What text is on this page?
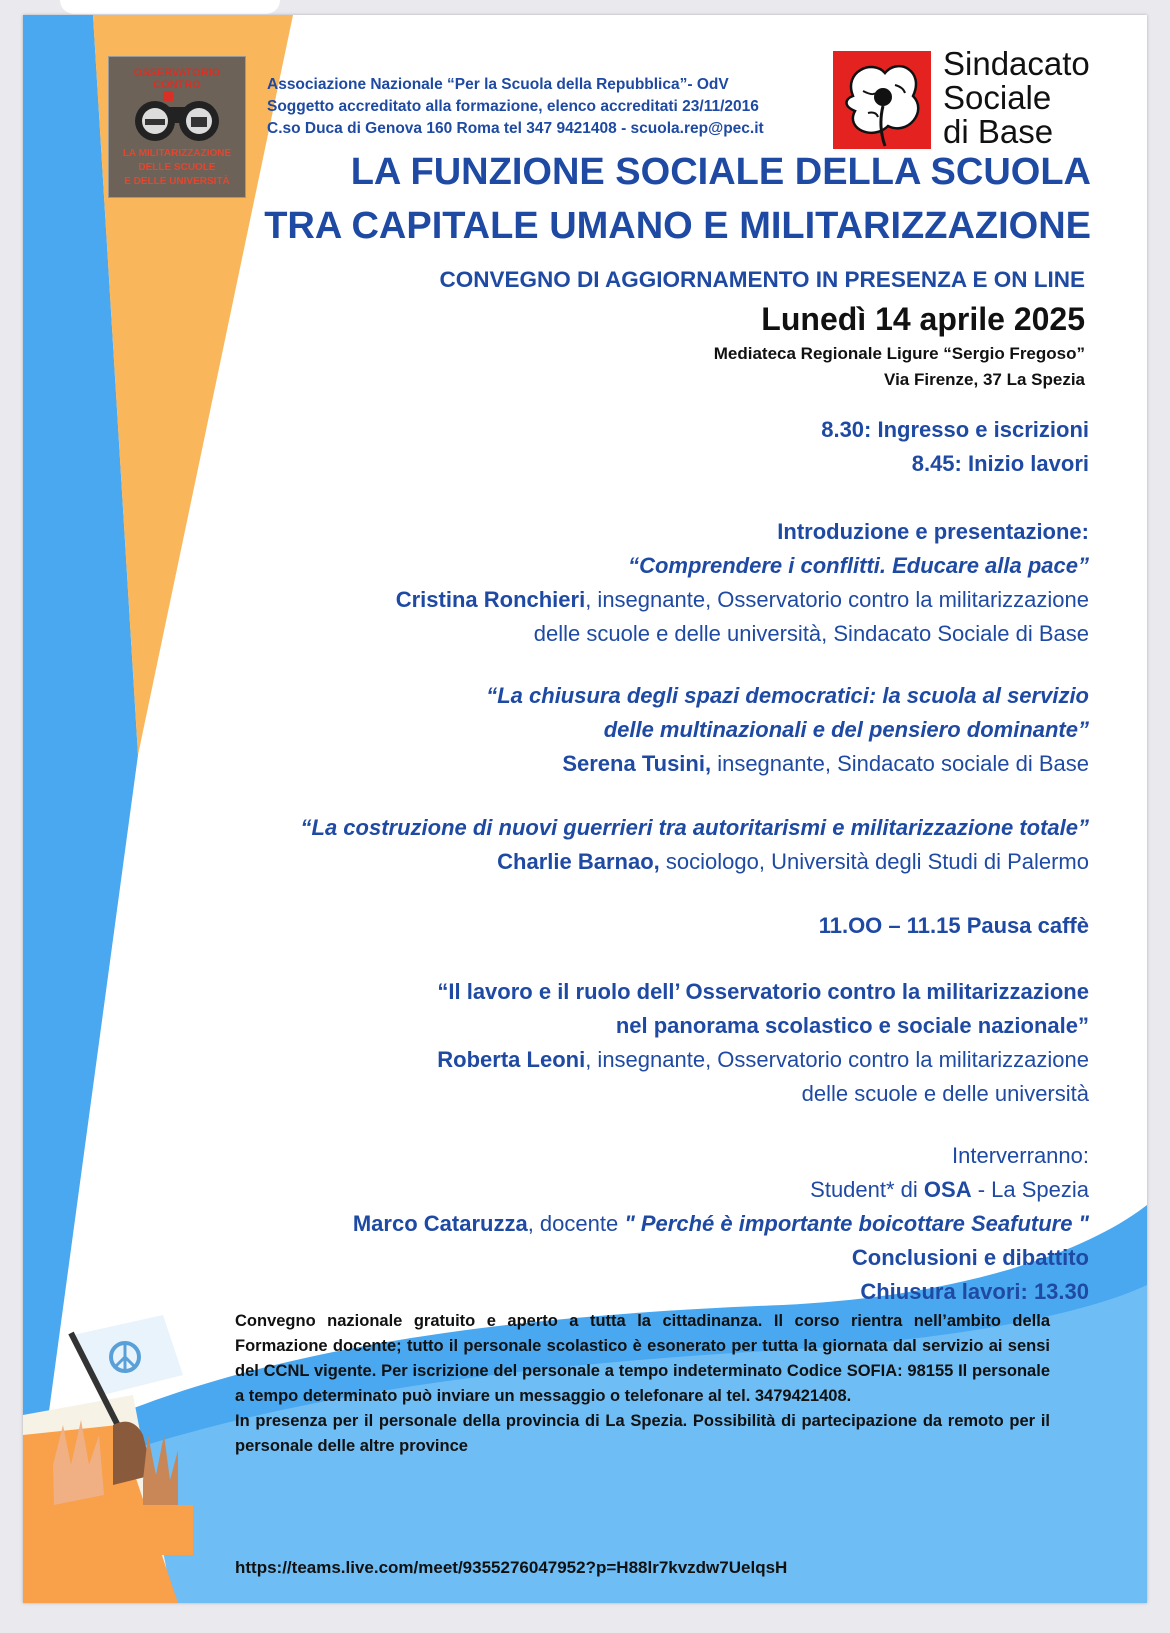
OSSERVATORIO CONTRO
LA MILITARIZZAZIONE
DELLE SCUOLE
E DELLE UNIVERSITÀ
Associazione Nazionale “Per la Scuola della Repubblica”- OdV
Soggetto accreditato alla formazione, elenco accreditati 23/11/2016
C.so Duca di Genova 160 Roma tel 347 9421408 - scuola.rep@pec.it
Sindacato
Sociale
di Base
LA FUNZIONE SOCIALE DELLA SCUOLA
TRA CAPITALE UMANO E MILITARIZZAZIONE
CONVEGNO DI AGGIORNAMENTO IN PRESENZA E ON LINE
Lunedì 14 aprile 2025
Mediateca Regionale Ligure “Sergio Fregoso”
Via Firenze, 37 La Spezia
8.30: Ingresso e iscrizioni
8.45: Inizio lavori
Introduzione e presentazione:
“Comprendere i conflitti. Educare alla pace”
Cristina Ronchieri, insegnante, Osservatorio contro la militarizzazione
delle scuole e delle università, Sindacato Sociale di Base
“La chiusura degli spazi democratici: la scuola al servizio
delle multinazionali e del pensiero dominante”
Serena Tusini, insegnante, Sindacato sociale di Base
“La costruzione di nuovi guerrieri tra autoritarismi e militarizzazione totale”
Charlie Barnao, sociologo, Università degli Studi di Palermo
11.OO – 11.15 Pausa caffè
“Il lavoro e il ruolo dell’ Osservatorio contro la militarizzazione
nel panorama scolastico e sociale nazionale”
Roberta Leoni, insegnante, Osservatorio contro la militarizzazione
delle scuole e delle università
Interverranno:
Student* di OSA - La Spezia
Marco Cataruzza, docente " Perché è importante boicottare Seafuture "
Conclusioni e dibattito
Chiusura lavori: 13.30

Convegno nazionale gratuito e aperto a tutta la cittadinanza. Il corso rientra nell’ambito della Formazione docente; tutto il personale scolastico è esonerato per tutta la giornata dal servizio ai sensi del CCNL vigente. Per iscrizione del personale a tempo indeterminato Codice SOFIA: 98155 Il personale a tempo determinato può inviare un messaggio o telefonare al tel. 3479421408.

In presenza per il personale della provincia di La Spezia. Possibilità di partecipazione da remoto per il personale delle altre province

https://teams.live.com/meet/9355276047952?p=H88lr7kvzdw7UelqsH
